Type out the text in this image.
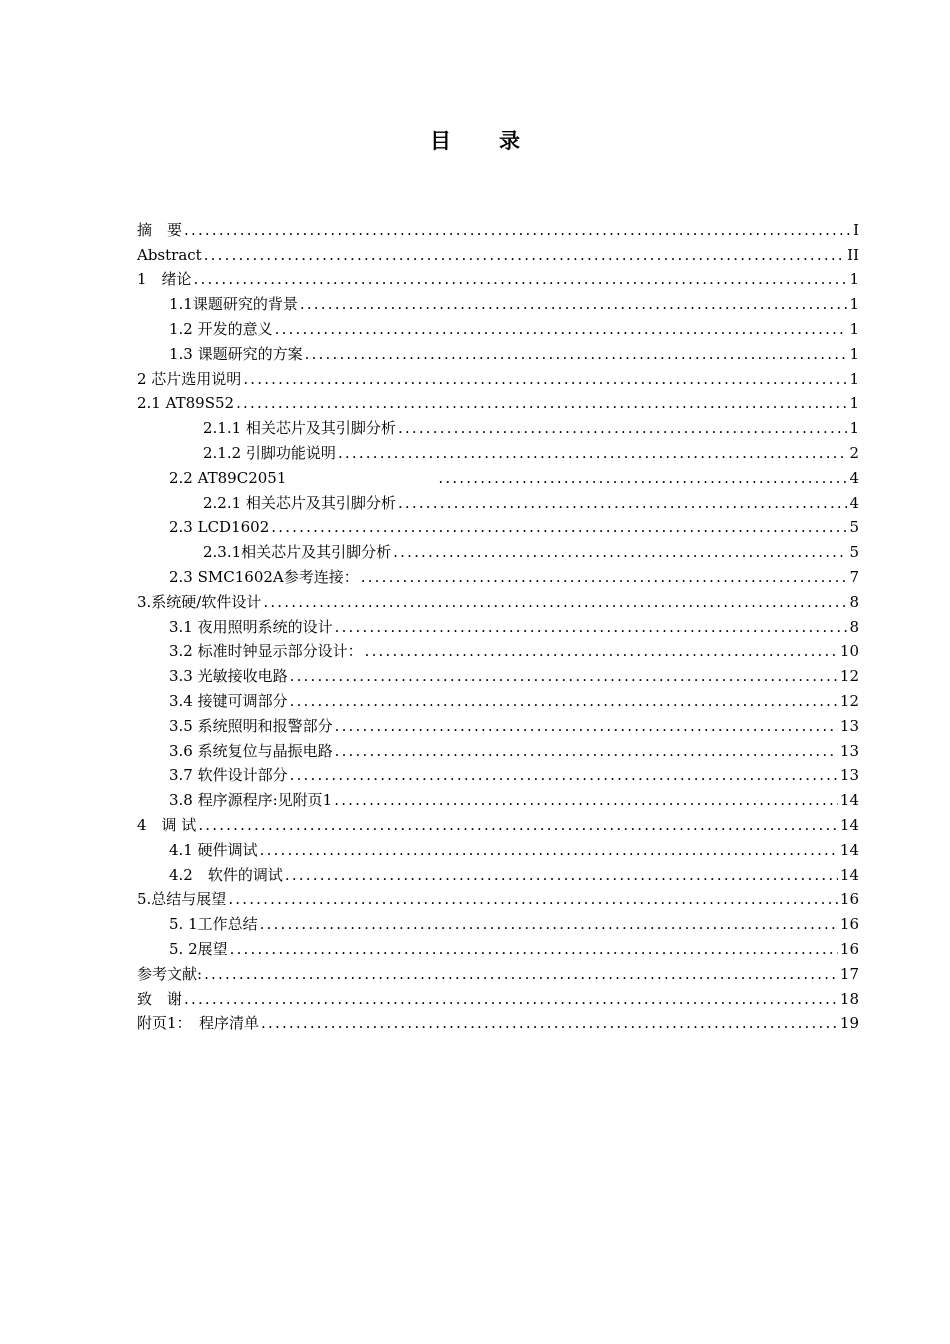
目 录
摘　要 .....	I
Abstract .....	II
1　绪论 .....	1
1.1课题研究的背景 .....	1
1.2 开发的意义 .....	1
1.3 课题研究的方案 .....	1
2 芯片选用说明 .....	1
2.1 AT89S52 .....	1
2.1.1 相关芯片及其引脚分析 .....	1
2.1.2 引脚功能说明 .....	2
2.2 AT89C2051 .....	4
2.2.1 相关芯片及其引脚分析 .....	4
2.3 LCD1602 .....	5
2.3.1相关芯片及其引脚分析 .....	5
2.3 SMC1602A参考连接： .....	7
3.系统硬/软件设计 .....	8
3.1 夜用照明系统的设计 .....	8
3.2 标准时钟显示部分设计： .....	10
3.3 光敏接收电路 .....	12
3.4 接键可调部分 .....	12
3.5 系统照明和报警部分 .....	13
3.6 系统复位与晶振电路 .....	13
3.7 软件设计部分 .....	13
3.8 程序源程序:见附页1 .....	14
4　调 试 .....	14
4.1 硬件调试 .....	14
4.2　软件的调试 .....	14
5.总结与展望 .....	16
5. 1工作总结 .....	16
5. 2展望 .....	16
参考文献: .....	17
致　谢 .....	18
附页1：　程序清单 .....	19
